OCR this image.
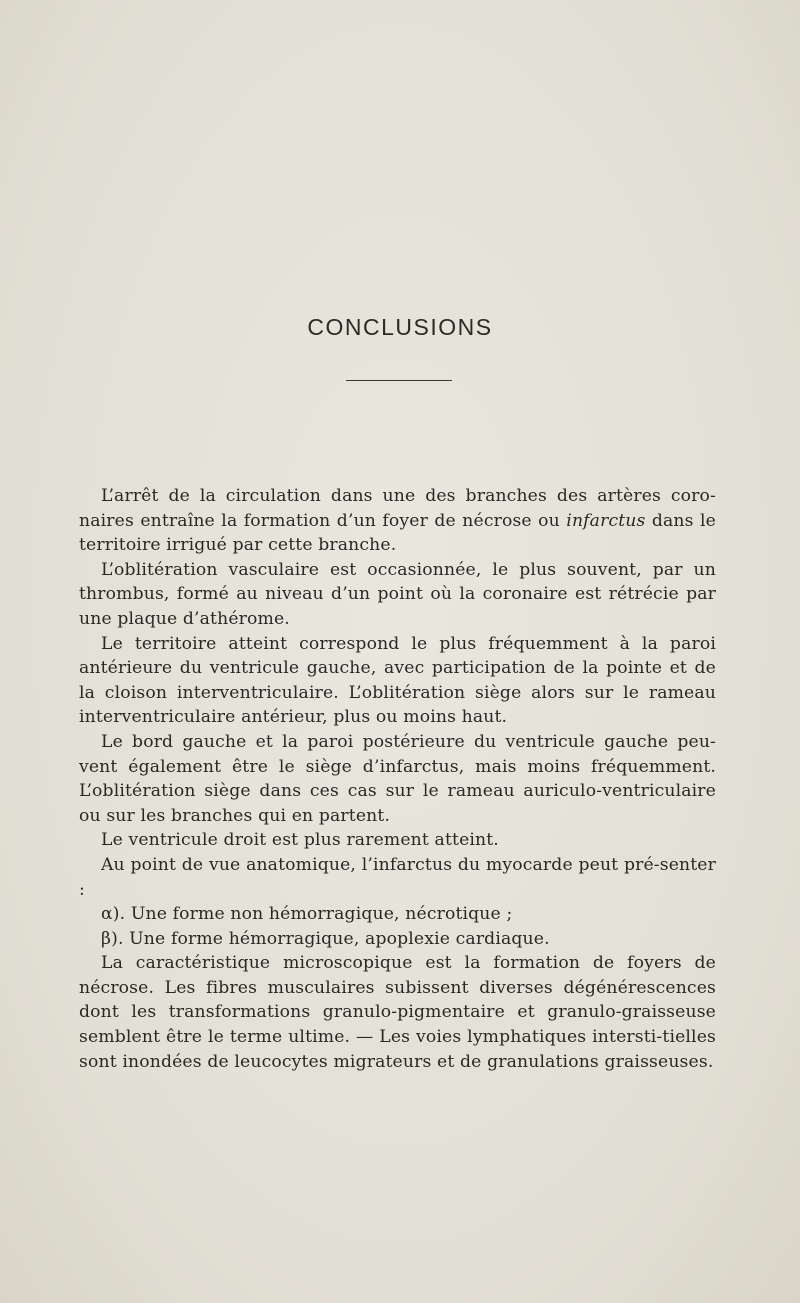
CONCLUSIONS

L’arrêt de la circulation dans une des branches des artères coro-naires entraîne la formation d’un foyer de nécrose ou infarctus dans le territoire irrigué par cette branche.

L’oblitération vasculaire est occasionnée, le plus souvent, par un thrombus, formé au niveau d’un point où la coronaire est rétrécie par une plaque d’athérome.

Le territoire atteint correspond le plus fréquemment à la paroi antérieure du ventricule gauche, avec participation de la pointe et de la cloison interventriculaire. L’oblitération siège alors sur le rameau interventriculaire antérieur, plus ou moins haut.

Le bord gauche et la paroi postérieure du ventricule gauche peu-vent également être le siège d’infarctus, mais moins fréquemment. L’oblitération siège dans ces cas sur le rameau auriculo-ventriculaire ou sur les branches qui en partent.

Le ventricule droit est plus rarement atteint.

Au point de vue anatomique, l’infarctus du myocarde peut pré-senter :

α). Une forme non hémorragique, nécrotique ;

β). Une forme hémorragique, apoplexie cardiaque.

La caractéristique microscopique est la formation de foyers de nécrose. Les fibres musculaires subissent diverses dégénérescences dont les transformations granulo-pigmentaire et granulo-graisseuse semblent être le terme ultime. — Les voies lymphatiques intersti-tielles sont inondées de leucocytes migrateurs et de granulations graisseuses.
